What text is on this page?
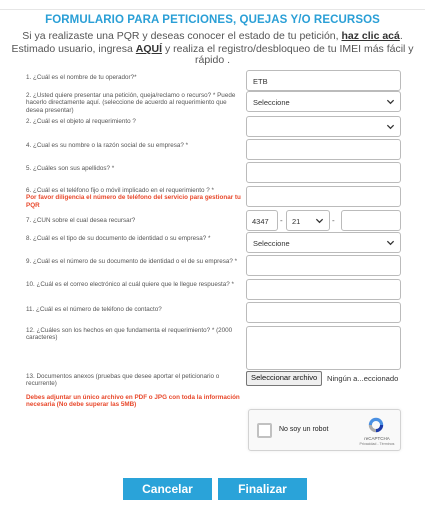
FORMULARIO PARA PETICIONES, QUEJAS Y/O RECURSOS
Si ya realizaste una PQR y deseas conocer el estado de tu petición, haz clic acá.
Estimado usuario, ingresa AQUÍ y realiza el registro/desbloqueo de tu IMEI más fácil y rápido .
1. ¿Cuál es el nombre de tu operador?*	ETB
2. ¿Usted quiere presentar una petición, queja/reclamo o recurso? * Puede hacerlo directamente aquí. (seleccione de acuerdo al requerimiento que desea presentar)
Seleccione
2. ¿Cuál es el objeto al requerimiento ?
4. ¿Cual es su nombre o la razón social de su empresa? *
5. ¿Cuáles son sus apellidos? *
6. ¿Cuál es el teléfono fijo o móvil implicado en el requerimiento ? *
Por favor diligencia el número de teléfono del servicio para gestionar tu PQR
7. ¿CUN sobre el cual desea recursar?	4347	-	21	-
8. ¿Cuál es el tipo de su documento de identidad o su empresa? *
Seleccione
9. ¿Cuál es el número de su documento de identidad o el de su empresa? *
10. ¿Cuál es el correo electrónico al cuál quiere que le llegue respuesta? *
11. ¿Cuál es el número de teléfono de contacto?
12. ¿Cuáles son los hechos en que fundamenta el requerimiento? * (2000 caracteres)
13. Documentos anexos (pruebas que desee aportar el peticionario o recurrente)
Debes adjuntar un único archivo en PDF o JPG con toda la información necesaria (No debe superar las 5MB)
Seleccionar archivo	Ningún a...eccionado
No soy un robot
reCAPTCHA
Privacidad - Términos
Cancelar	Finalizar
